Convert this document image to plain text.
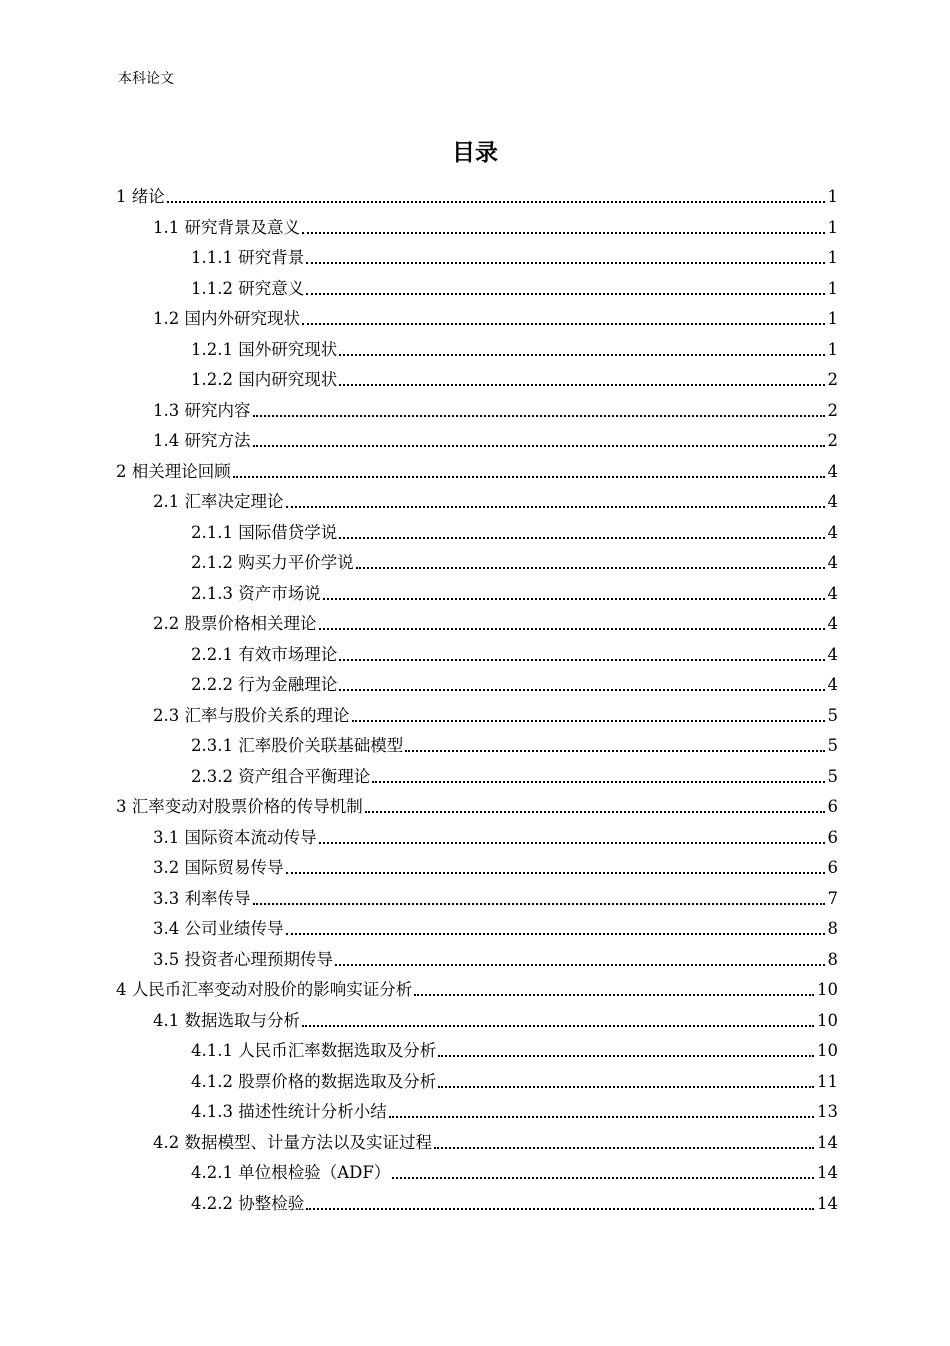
本科论文
目录
1 绪论	1
1.1 研究背景及意义	1
1.1.1 研究背景	1
1.1.2 研究意义	1
1.2 国内外研究现状	1
1.2.1 国外研究现状	1
1.2.2 国内研究现状	2
1.3 研究内容	2
1.4 研究方法	2
2 相关理论回顾	4
2.1 汇率决定理论	4
2.1.1 国际借贷学说	4
2.1.2 购买力平价学说	4
2.1.3 资产市场说	4
2.2 股票价格相关理论	4
2.2.1 有效市场理论	4
2.2.2 行为金融理论	4
2.3 汇率与股价关系的理论	5
2.3.1 汇率股价关联基础模型	5
2.3.2 资产组合平衡理论	5
3 汇率变动对股票价格的传导机制	6
3.1 国际资本流动传导	6
3.2 国际贸易传导	6
3.3 利率传导	7
3.4 公司业绩传导	8
3.5 投资者心理预期传导	8
4 人民币汇率变动对股价的影响实证分析	10
4.1 数据选取与分析	10
4.1.1 人民币汇率数据选取及分析	10
4.1.2 股票价格的数据选取及分析	11
4.1.3 描述性统计分析小结	13
4.2 数据模型、计量方法以及实证过程	14
4.2.1 单位根检验（ADF）	14
4.2.2 协整检验	14
